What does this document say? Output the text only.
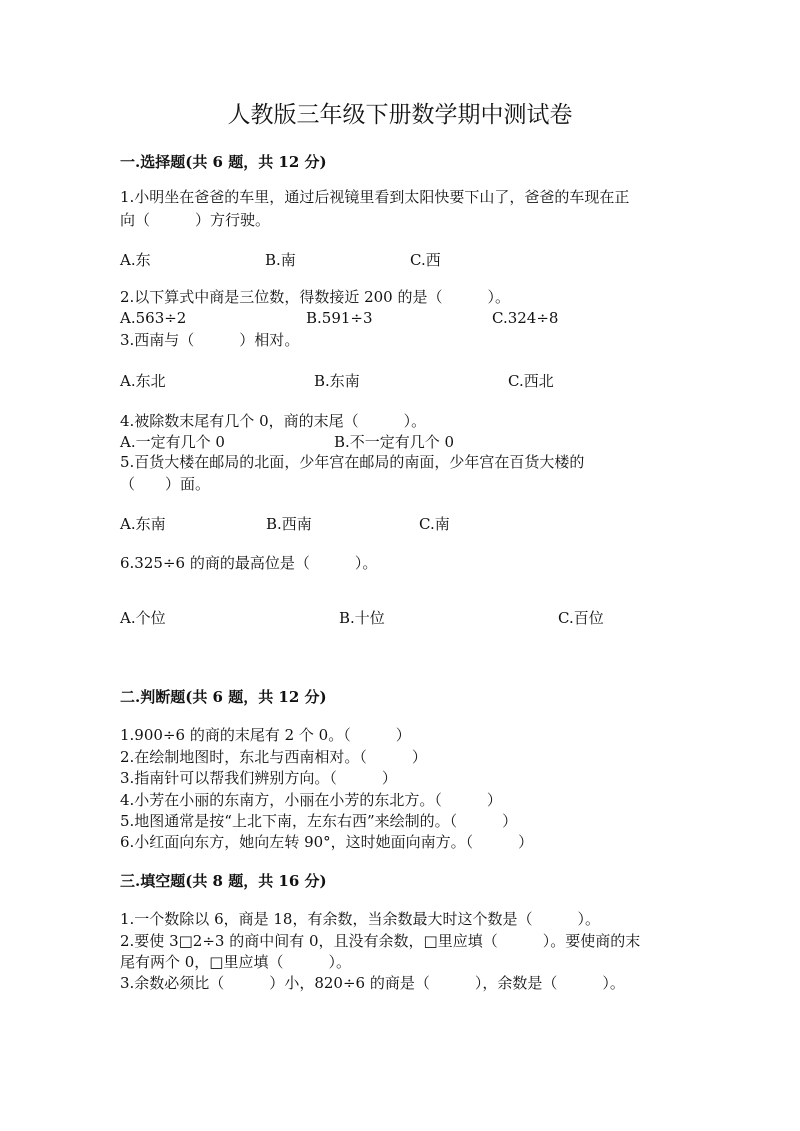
人教版三年级下册数学期中测试卷
一.选择题(共 6 题，共 12 分)
1.小明坐在爸爸的车里，通过后视镜里看到太阳快要下山了，爸爸的车现在正
向（　　　）方行驶。
A.东	B.南	C.西
2.以下算式中商是三位数，得数接近 200 的是（　　　）。
A.563÷2	B.591÷3	C.324÷8
3.西南与（　　　）相对。
A.东北	B.东南	C.西北
4.被除数末尾有几个 0，商的末尾（　　　）。
A.一定有几个 0	B.不一定有几个 0
5.百货大楼在邮局的北面，少年宫在邮局的南面，少年宫在百货大楼的
（　　）面。
A.东南	B.西南	C.南
6.325÷6 的商的最高位是（　　　）。
A.个位	B.十位	C.百位
二.判断题(共 6 题，共 12 分)
1.900÷6 的商的末尾有 2 个 0。（　　　）
2.在绘制地图时，东北与西南相对。（　　　）
3.指南针可以帮我们辨别方向。（　　　）
4.小芳在小丽的东南方，小丽在小芳的东北方。（　　　）
5.地图通常是按“上北下南，左东右西”来绘制的。（　　　）
6.小红面向东方，她向左转 90°，这时她面向南方。（　　　）
三.填空题(共 8 题，共 16 分)
1.一个数除以 6，商是 18，有余数，当余数最大时这个数是（　　　）。
2.要使 3□2÷3 的商中间有 0，且没有余数，□里应填（　　　）。要使商的末
尾有两个 0，□里应填（　　　）。
3.余数必须比（　　　）小，820÷6 的商是（　　　），余数是（　　　）。
